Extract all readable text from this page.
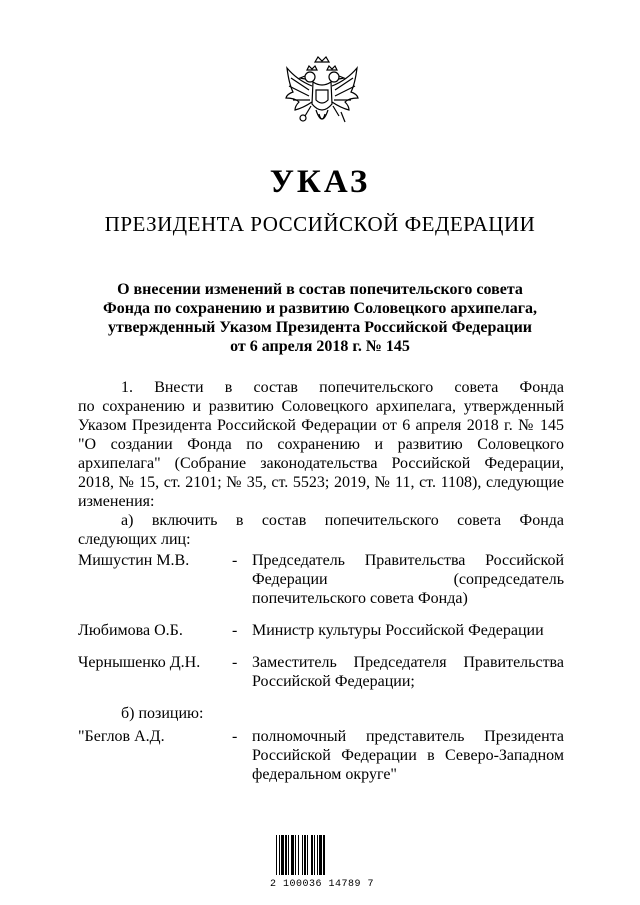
УКАЗ
ПРЕЗИДЕНТА РОССИЙСКОЙ ФЕДЕРАЦИИ
О внесении изменений в состав попечительского совета
Фонда по сохранению и развитию Соловецкого архипелага,
утвержденный Указом Президента Российской Федерации
от 6 апреля 2018 г. № 145
1. Внести в состав попечительского совета Фонда
по сохранению и развитию Соловецкого архипелага, утвержденный
Указом Президента Российской Федерации от 6 апреля 2018 г. № 145
"О создании Фонда по сохранению и развитию Соловецкого
архипелага" (Собрание законодательства Российской Федерации,
2018, № 15, ст. 2101; № 35, ст. 5523; 2019, № 11, ст. 1108), следующие
изменения:
а) включить в состав попечительского совета Фонда
следующих лиц:
Мишустин М.В.	- Председатель Правительства Российской
Федерации (сопредседатель
попечительского совета Фонда)
Любимова О.Б.	- Министр культуры Российской Федерации
Чернышенко Д.Н.	- Заместитель Председателя Правительства
Российской Федерации;
б) позицию:
"Беглов А.Д.	- полномочный представитель Президента
Российской Федерации в Северо-Западном
федеральном округе"
2 100036 14789 7
